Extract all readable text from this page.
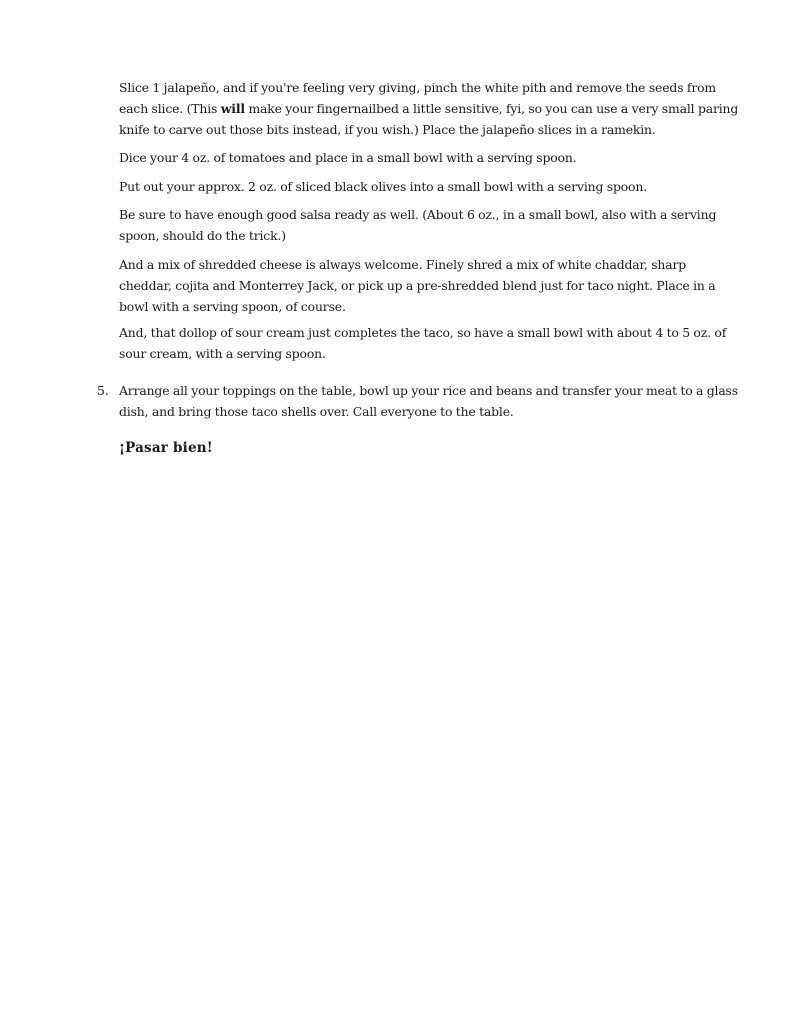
Slice 1 jalapeño, and if you're feeling very giving, pinch the white pith and remove the seeds from each slice. (This will make your fingernailbed a little sensitive, fyi, so you can use a very small paring knife to carve out those bits instead, if you wish.) Place the jalapeño slices in a ramekin.

Dice your 4 oz. of tomatoes and place in a small bowl with a serving spoon.

Put out your approx. 2 oz. of sliced black olives into a small bowl with a serving spoon.

Be sure to have enough good salsa ready as well. (About 6 oz., in a small bowl, also with a serving spoon, should do the trick.)

And a mix of shredded cheese is always welcome. Finely shred a mix of white chaddar, sharp cheddar, cojita and Monterrey Jack, or pick up a pre-shredded blend just for taco night. Place in a bowl with a serving spoon, of course.

And, that dollop of sour cream just completes the taco, so have a small bowl with about 4 to 5 oz. of sour cream, with a serving spoon.

5. Arrange all your toppings on the table, bowl up your rice and beans and transfer your meat to a glass dish, and bring those taco shells over. Call everyone to the table.

¡Pasar bien!
